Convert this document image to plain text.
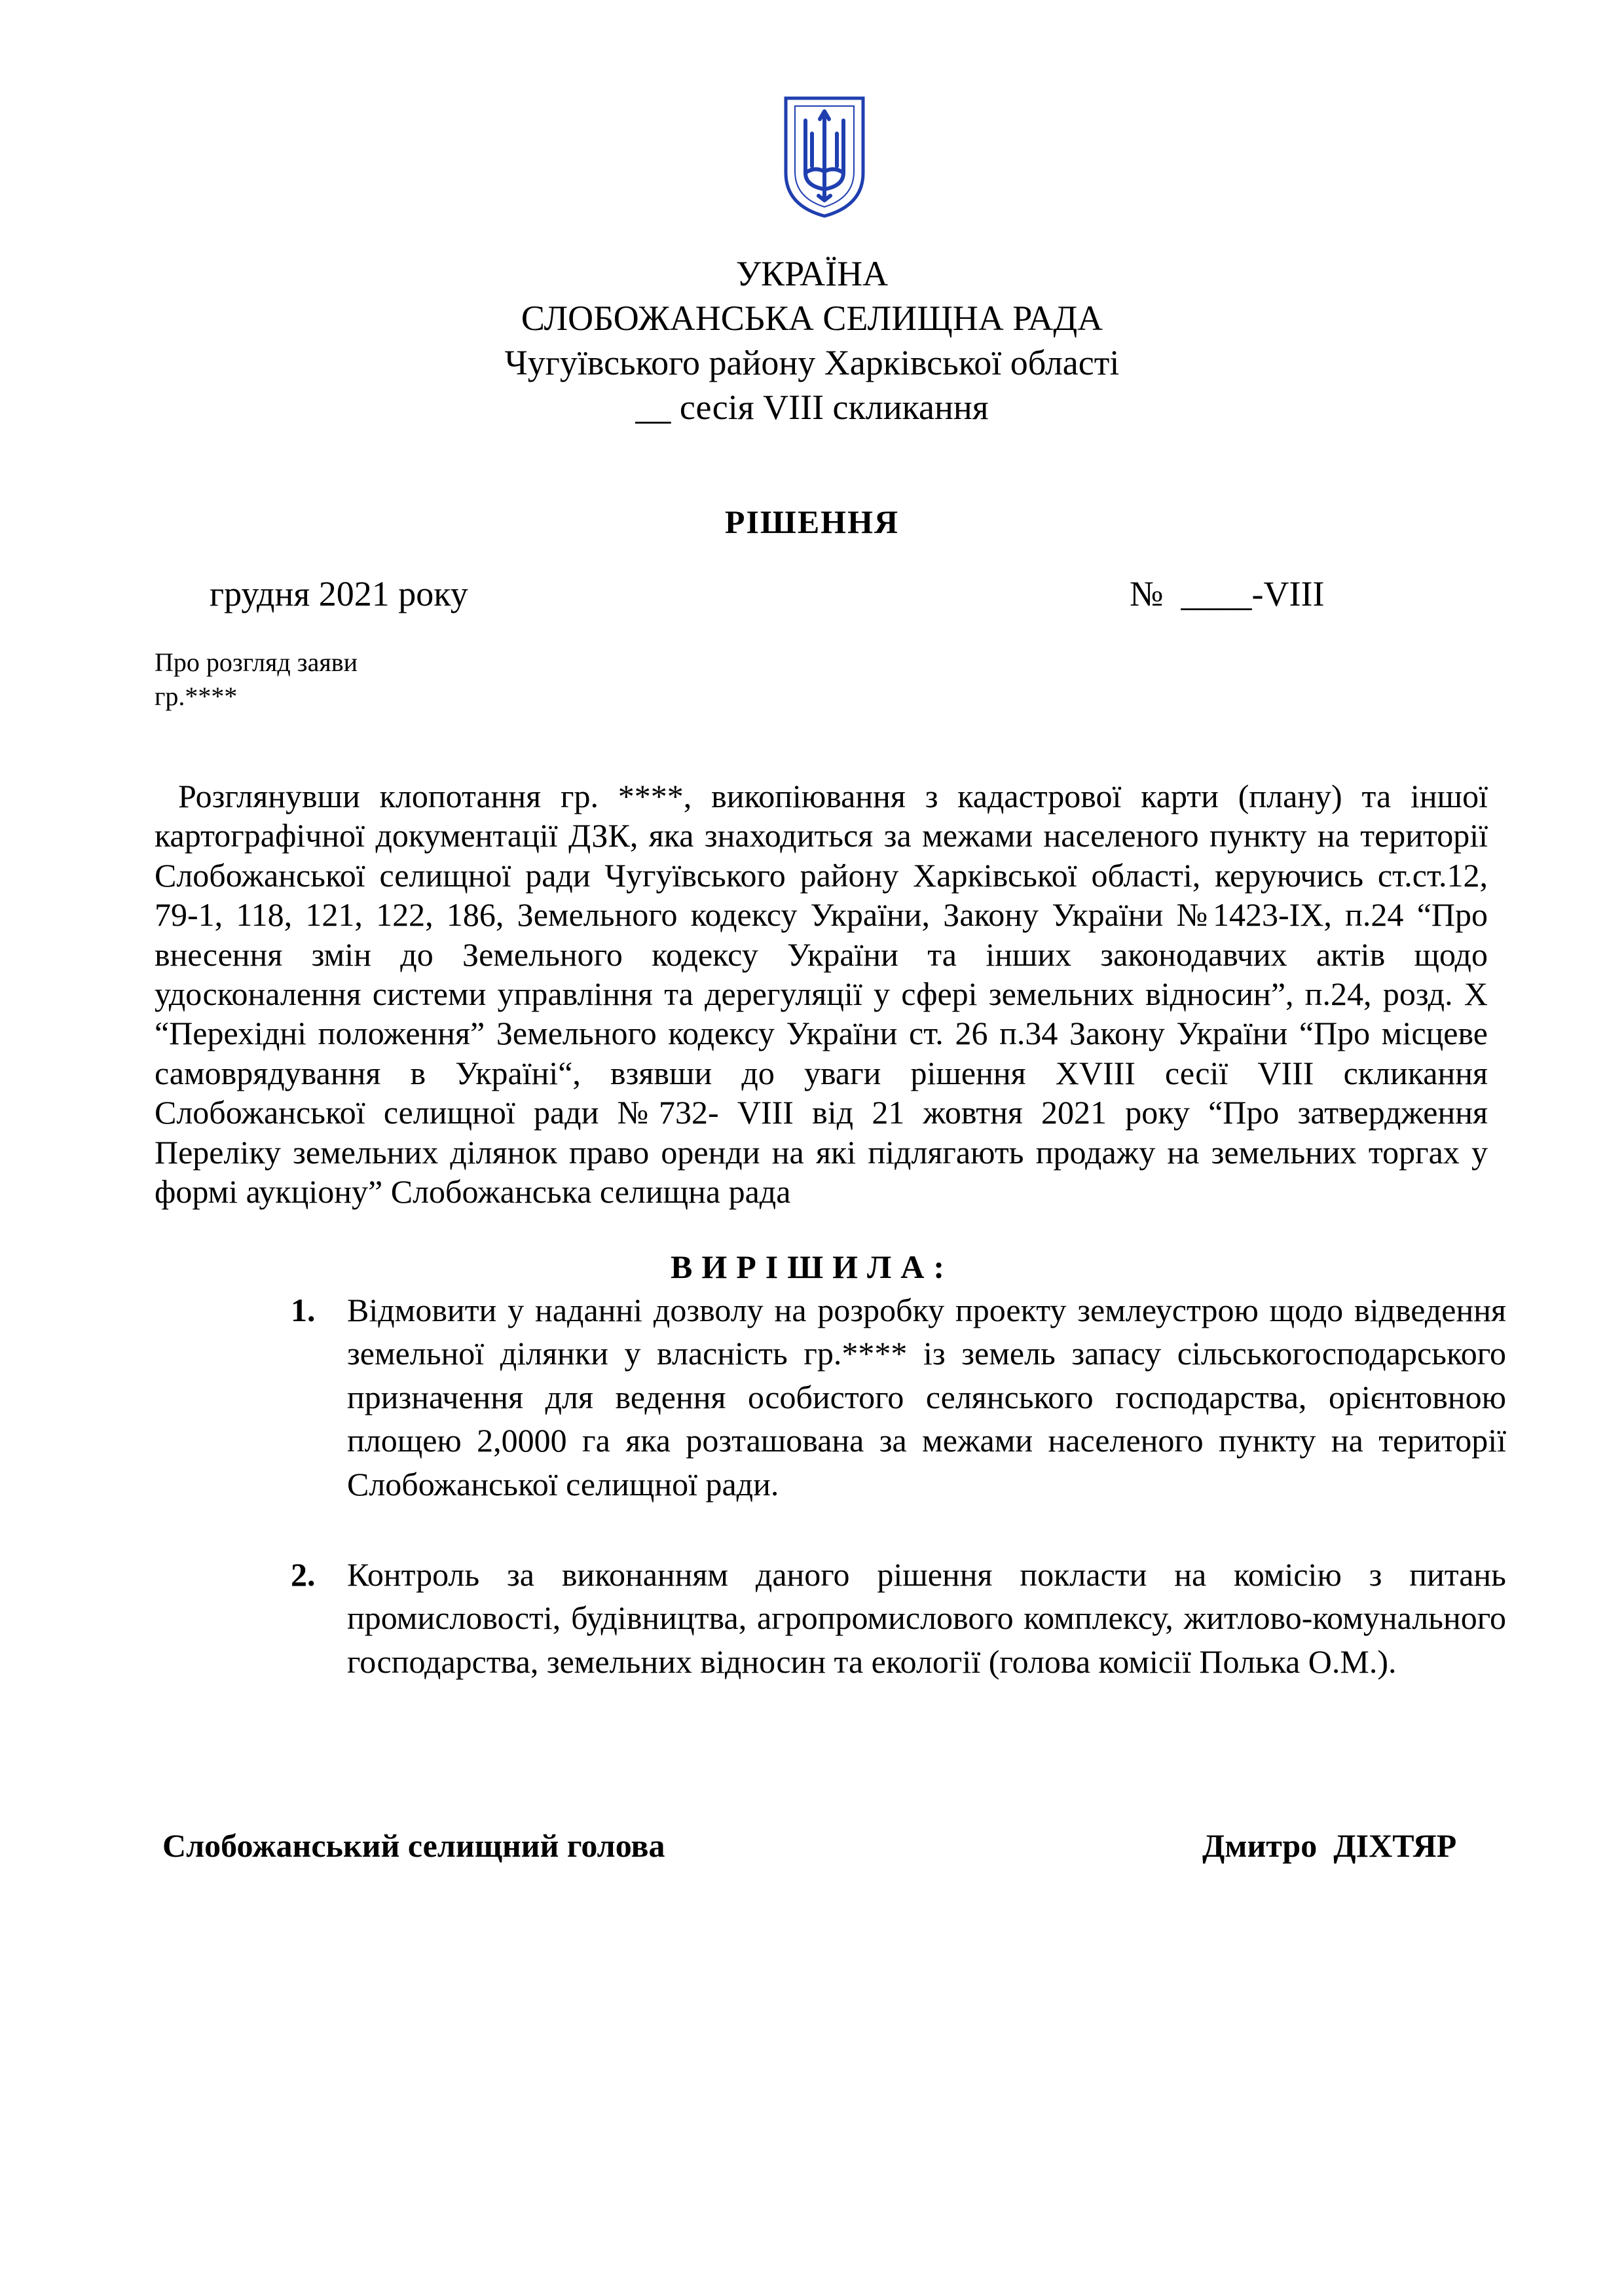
УКРАЇНА
СЛОБОЖАНСЬКА СЕЛИЩНА РАДА
Чугуївського району Харківської області
__ сесія VIII скликання
РІШЕННЯ
грудня 2021 року	№  ____-VIII
Про розгляд заяви
гр.****
Розглянувши клопотання гр. ****, викопіювання з кадастрової карти (плану) та іншої картографічної документації ДЗК, яка знаходиться за межами населеного пункту на території Слобожанської селищної ради Чугуївського району Харківської області, керуючись ст.ст.12, 79-1, 118, 121, 122, 186, Земельного кодексу України, Закону України №1423-IX, п.24 “Про внесення змін до Земельного кодексу України та інших законодавчих актів щодо удосконалення системи управління та дерегуляції у сфері земельних відносин”, п.24, розд. Х “Перехідні положення” Земельного кодексу України ст. 26 п.34 Закону України “Про місцеве самоврядування в Україні“, взявши до уваги рішення XVIII сесії VIII скликання Слобожанської селищної ради №732- VIII від 21 жовтня 2021 року “Про затвердження Переліку земельних ділянок право оренди на які підлягають продажу на земельних торгах у формі аукціону” Слобожанська селищна рада
ВИРІШИЛА:
1. Відмовити у наданні дозволу на розробку проекту землеустрою щодо відведення земельної ділянки у власність гр.**** із земель запасу сільськогосподарського призначення для ведення особистого селянського господарства, орієнтовною площею 2,0000 га яка розташована за межами населеного пункту на території Слобожанської селищної ради.
2. Контроль за виконанням даного рішення покласти на комісію з питань промисловості, будівництва, агропромислового комплексу, житлово-комунального господарства, земельних відносин та екології (голова комісії Полька О.М.).
Слобожанський селищний голова	Дмитро  ДІХТЯР
